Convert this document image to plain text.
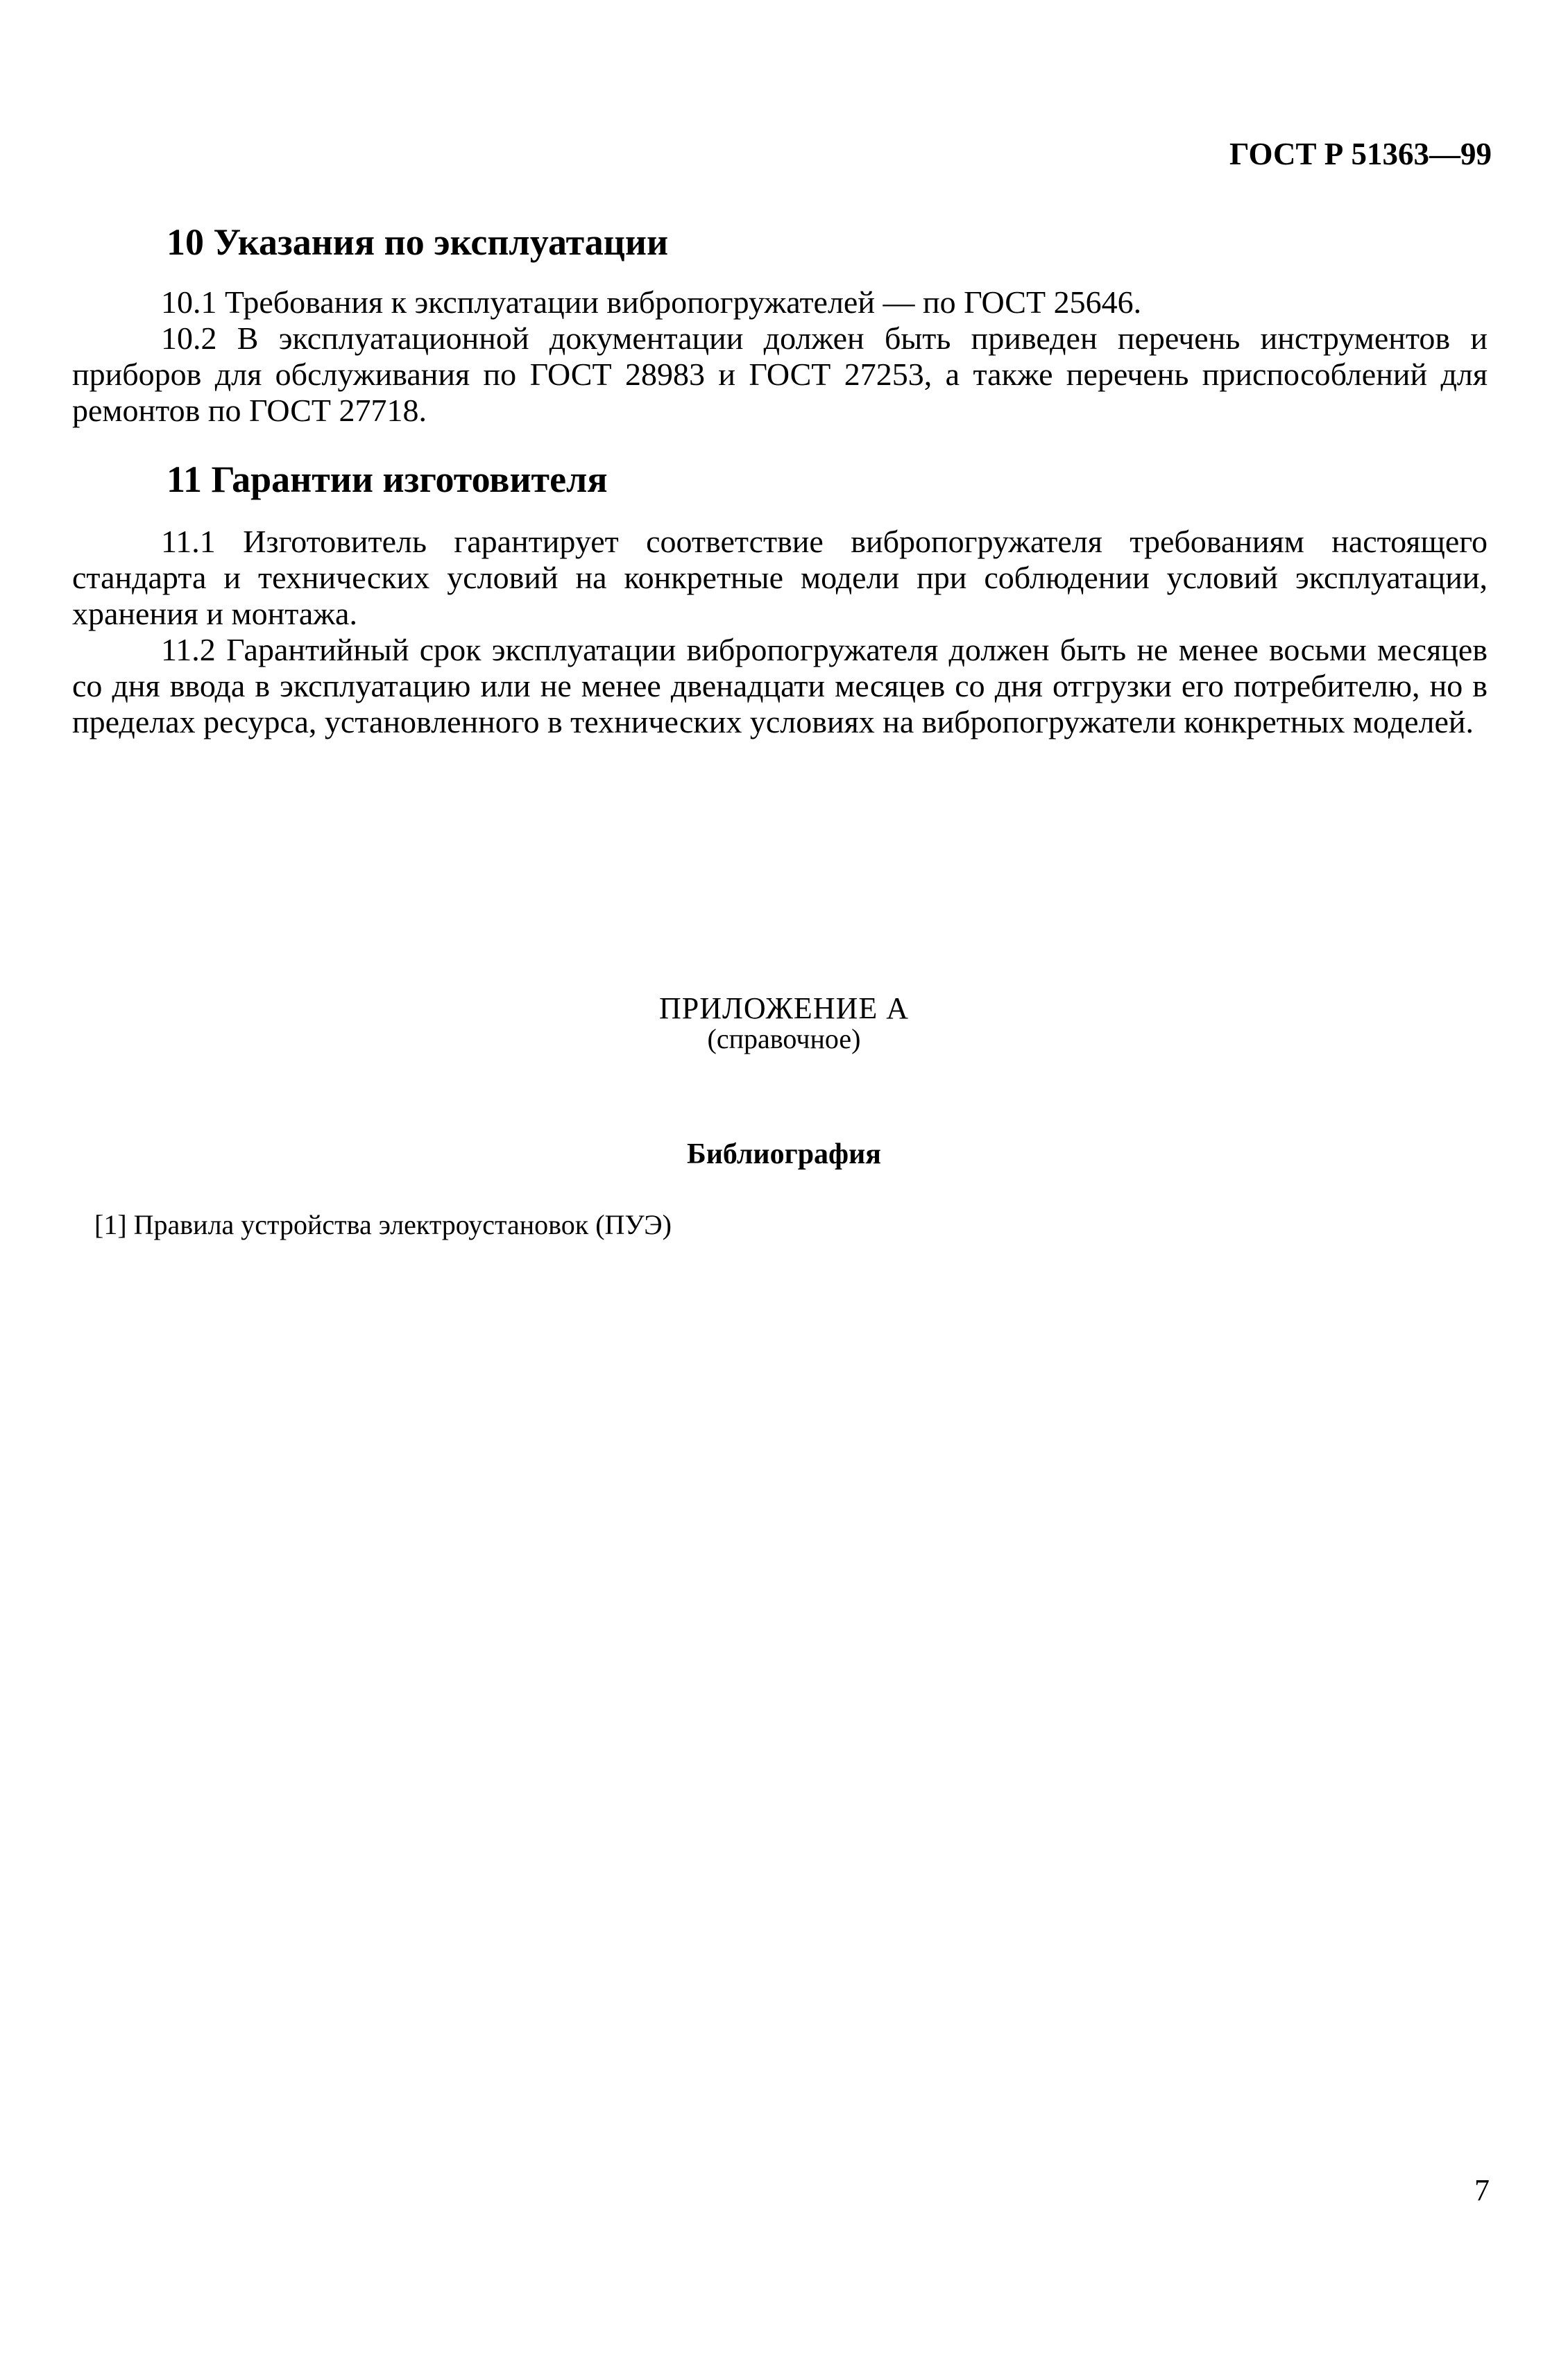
ГОСТ Р 51363—99

10 Указания по эксплуатации

10.1 Требования к эксплуатации вибропогружателей — по ГОСТ 25646.

10.2 В эксплуатационной документации должен быть приведен перечень инструментов и приборов для обслуживания по ГОСТ 28983 и ГОСТ 27253, а также перечень приспособлений для ремонтов по ГОСТ 27718.

11 Гарантии изготовителя

11.1 Изготовитель гарантирует соответствие вибропогружателя требованиям настоящего стандарта и технических условий на конкретные модели при соблюдении условий эксплуатации, хранения и монтажа.

11.2 Гарантийный срок эксплуатации вибропогружателя должен быть не менее восьми месяцев со дня ввода в эксплуатацию или не менее двенадцати месяцев со дня отгрузки его потребителю, но в пределах ресурса, установленного в технических условиях на вибропогружатели конкретных моделей.

ПРИЛОЖЕНИЕ А

(справочное)

Библиография

[1] Правила устройства электроустановок (ПУЭ)

7
